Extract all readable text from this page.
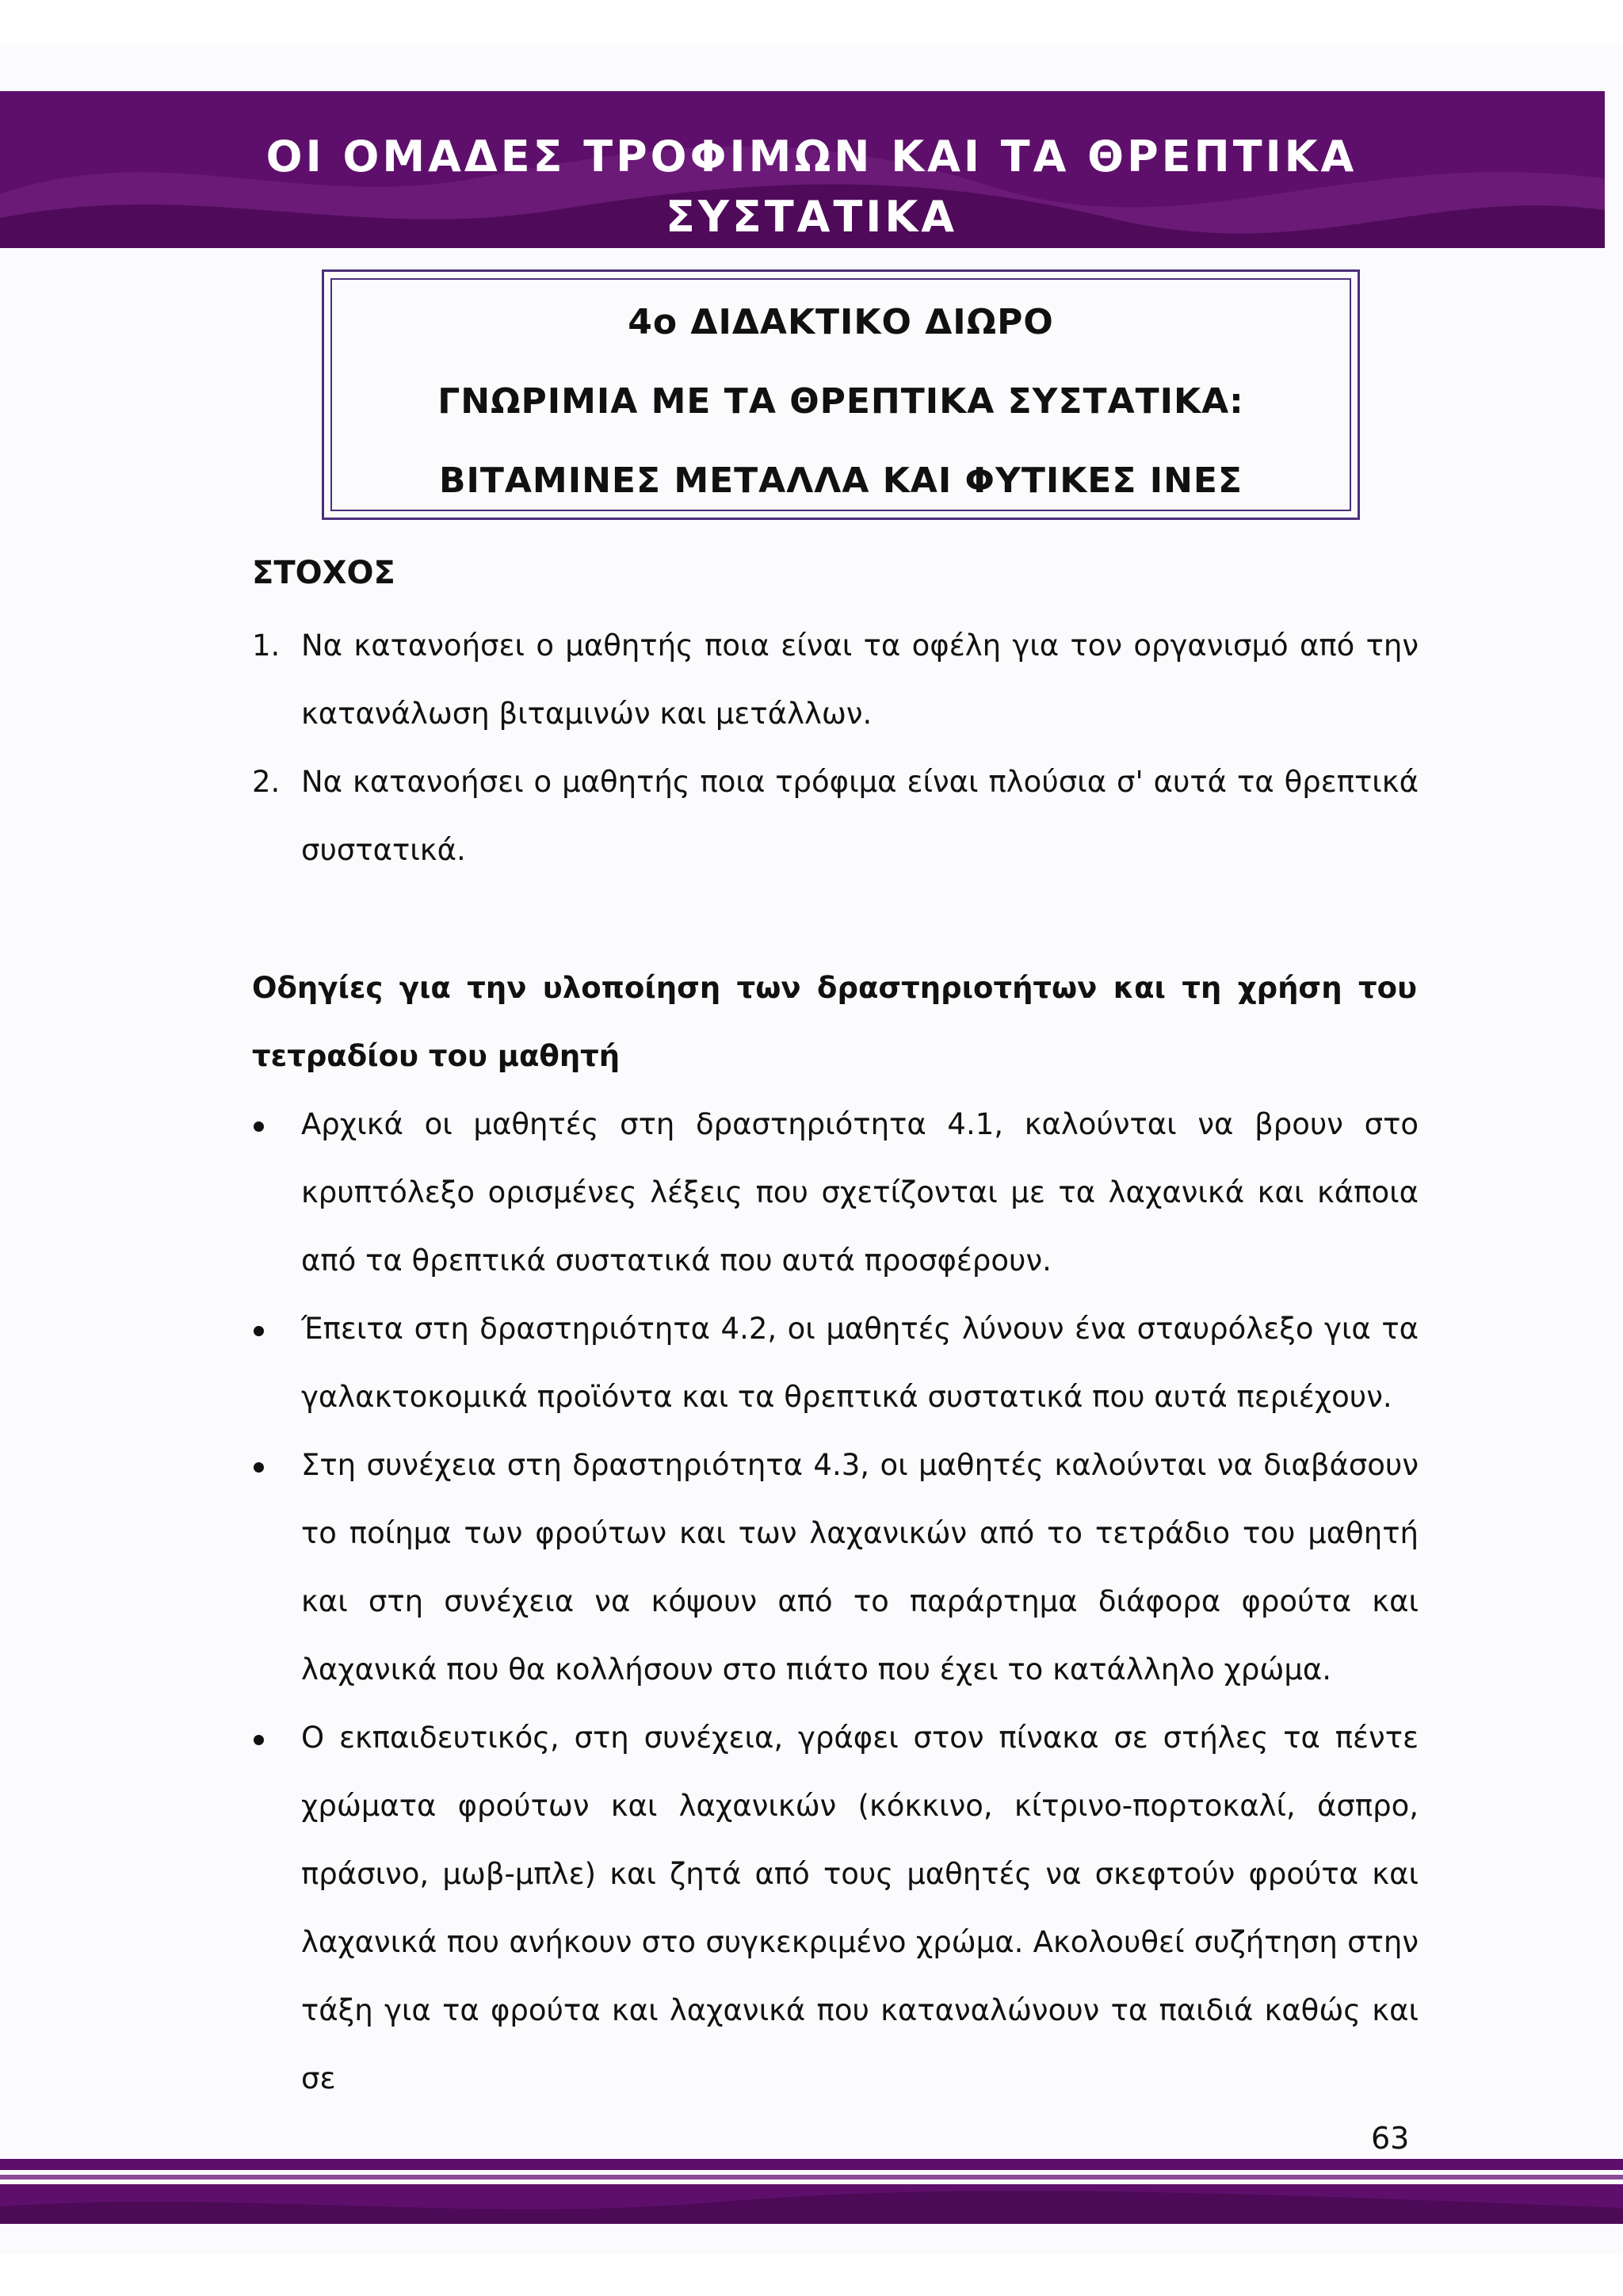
ΟΙ ΟΜΑΔΕΣ ΤΡΟΦΙΜΩΝ ΚΑΙ ΤΑ ΘΡΕΠΤΙΚΑ
ΣΥΣΤΑΤΙΚΑ
4ο ΔΙΔΑΚΤΙΚΟ ΔΙΩΡΟ
ΓΝΩΡΙΜΙΑ ΜΕ ΤΑ ΘΡΕΠΤΙΚΑ ΣΥΣΤΑΤΙΚΑ:
ΒΙΤΑΜΙΝΕΣ ΜΕΤΑΛΛΑ ΚΑΙ ΦΥΤΙΚΕΣ ΙΝΕΣ
ΣΤΟΧΟΣ
1. Να κατανοήσει ο μαθητής ποια είναι τα οφέλη για τον οργανισμό από την κατανάλωση βιταμινών και μετάλλων.
2. Να κατανοήσει ο μαθητής ποια τρόφιμα είναι πλούσια σ' αυτά τα θρεπτικά συστατικά.
Οδηγίες για την υλοποίηση των δραστηριοτήτων και τη χρήση του τετραδίου του μαθητή
Αρχικά οι μαθητές στη δραστηριότητα 4.1, καλούνται να βρουν στο κρυπτόλεξο ορισμένες λέξεις που σχετίζονται με τα λαχανικά και κάποια από τα θρεπτικά συστατικά που αυτά προσφέρουν.
Έπειτα στη δραστηριότητα 4.2, οι μαθητές λύνουν ένα σταυρόλεξο για τα γαλακτοκομικά προϊόντα και τα θρεπτικά συστατικά που αυτά περιέχουν.
Στη συνέχεια στη δραστηριότητα 4.3, οι μαθητές καλούνται να διαβάσουν το ποίημα των φρούτων και των λαχανικών από το τετράδιο του μαθητή και στη συνέχεια να κόψουν από το παράρτημα διάφορα φρούτα και λαχανικά που θα κολλήσουν στο πιάτο που έχει το κατάλληλο χρώμα.
Ο εκπαιδευτικός, στη συνέχεια, γράφει στον πίνακα σε στήλες τα πέντε χρώματα φρούτων και λαχανικών (κόκκινο, κίτρινο-πορτοκαλί, άσπρο, πράσινο, μωβ-μπλε) και ζητά από τους μαθητές να σκεφτούν φρούτα και λαχανικά που ανήκουν στο συγκεκριμένο χρώμα. Ακολουθεί συζήτηση στην τάξη για τα φρούτα και λαχανικά που καταναλώνουν τα παιδιά καθώς και σε
63
